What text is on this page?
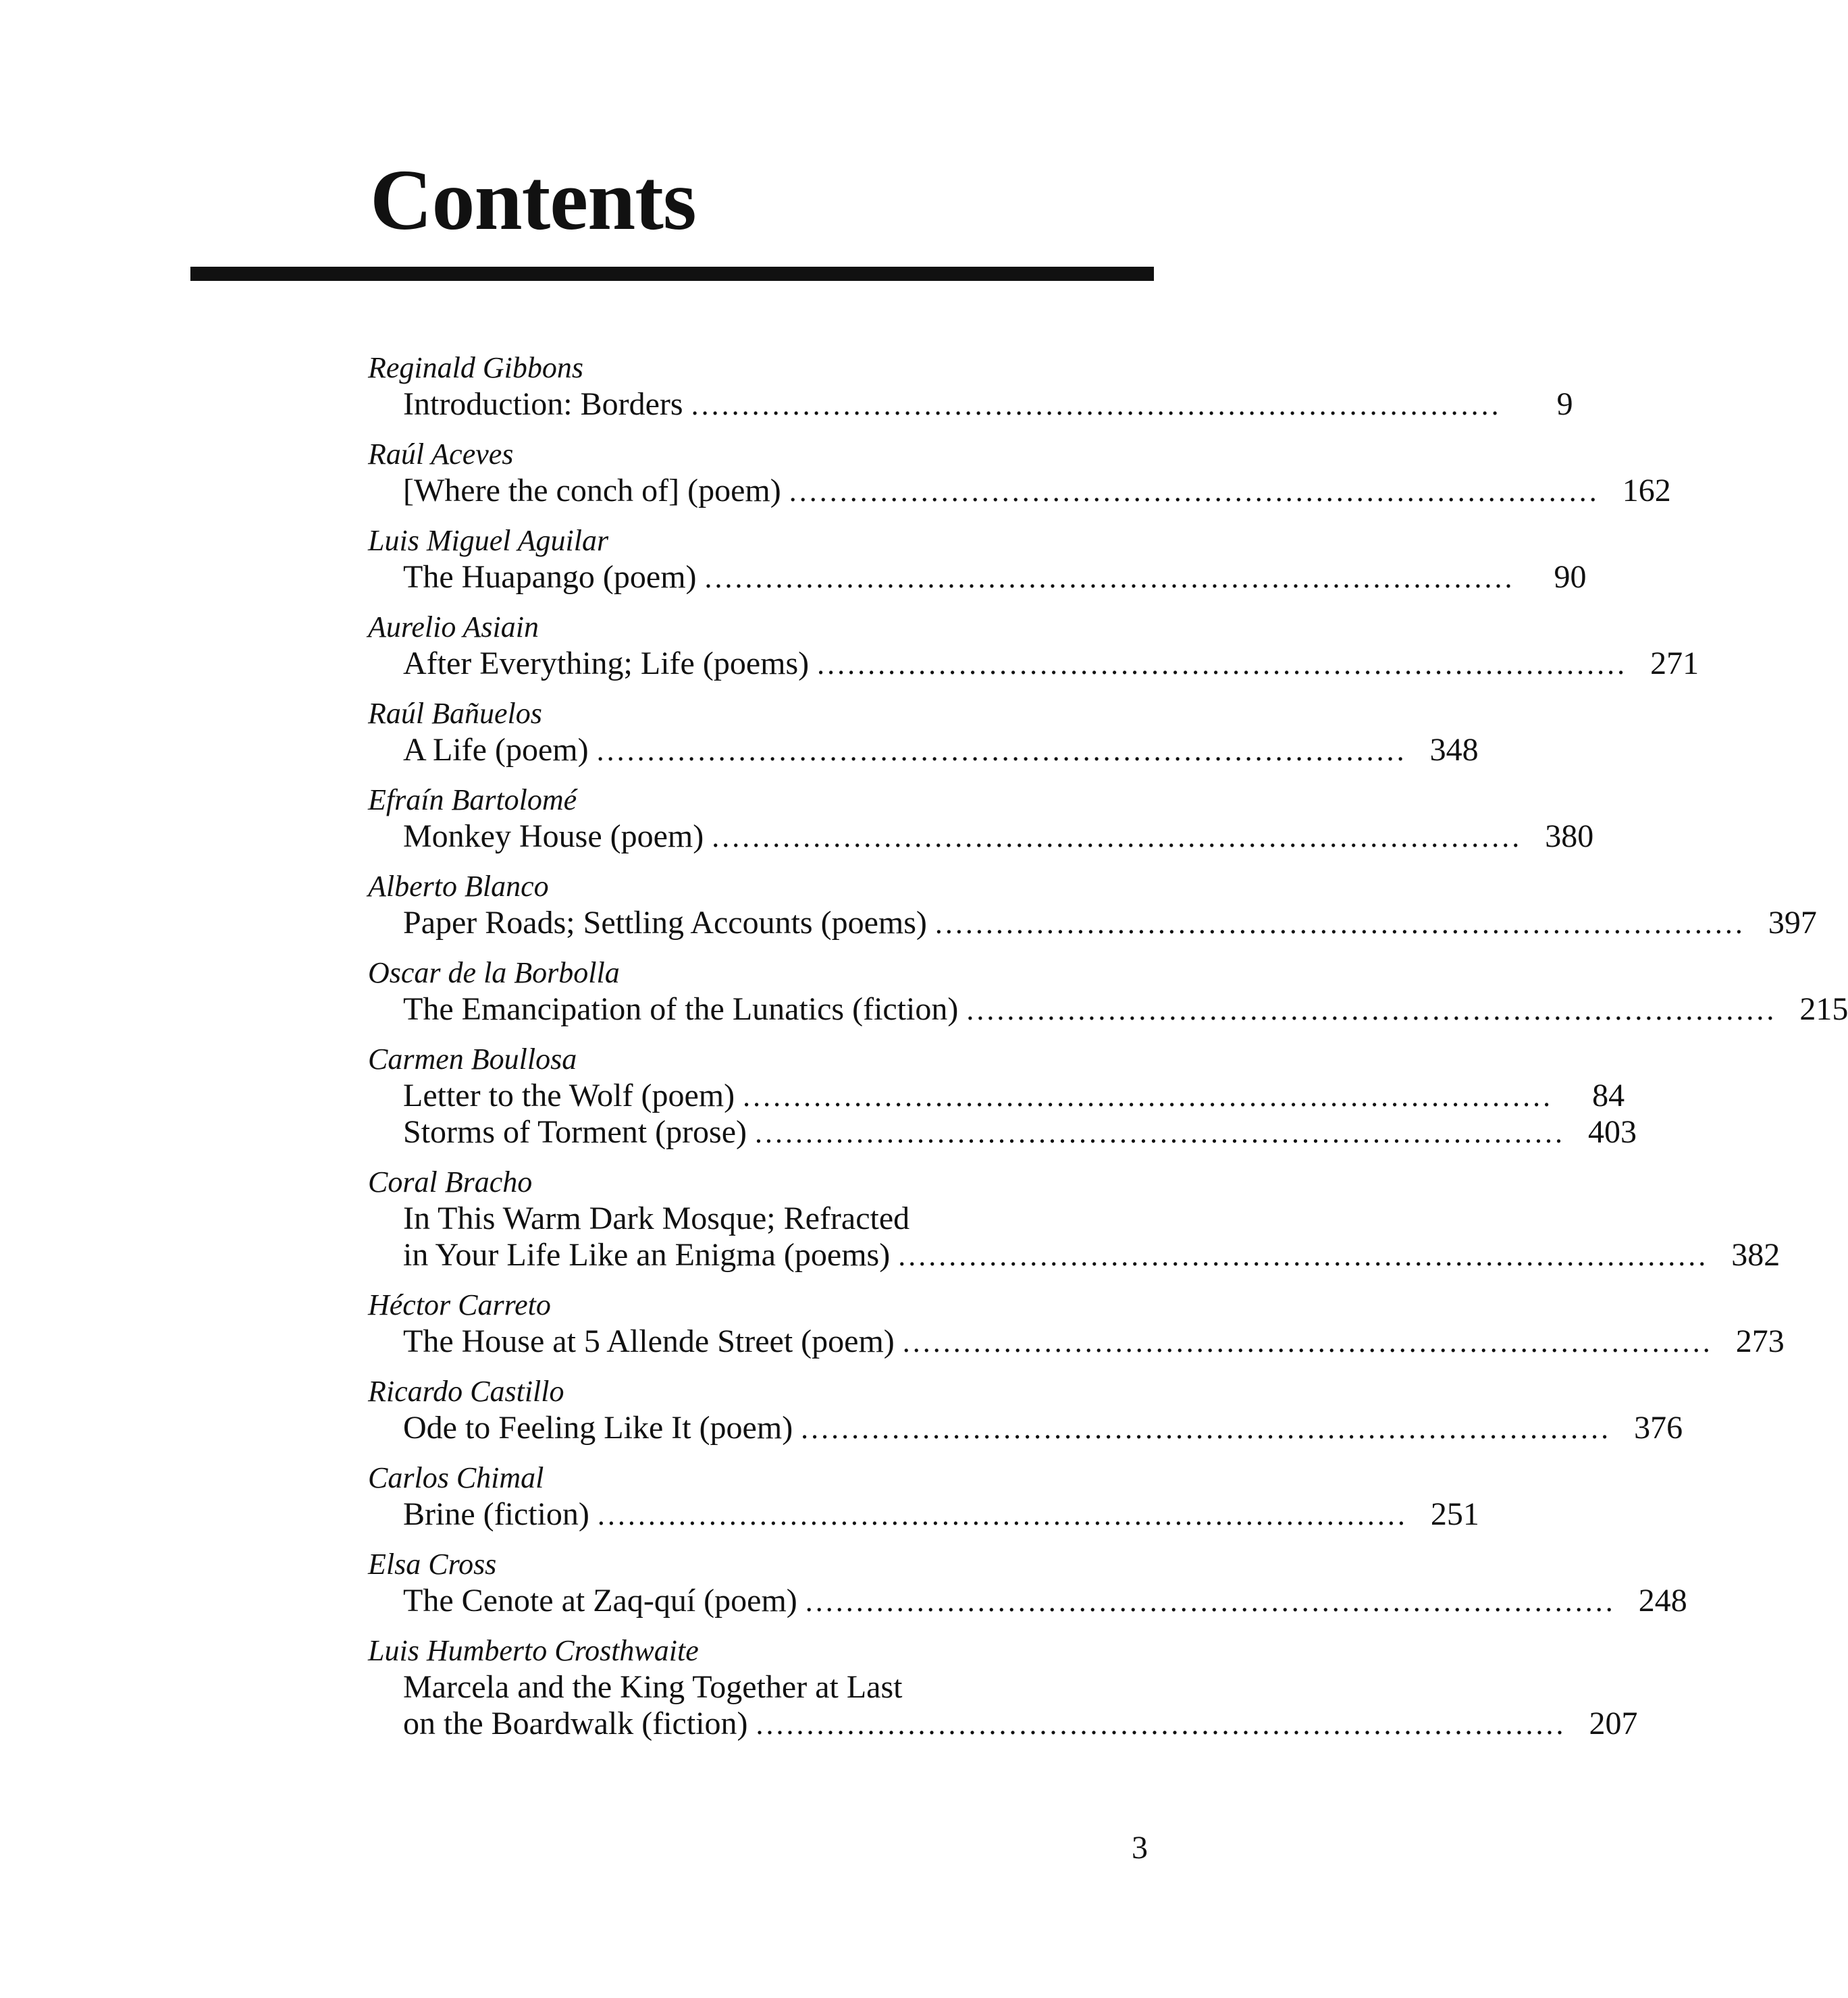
Contents
Reginald Gibbons
Introduction: Borders ................................................................................	9
Raúl Aceves
[Where the conch of] (poem) ................................................................................ 162
Luis Miguel Aguilar
The Huapango (poem) ................................................................................	90
Aurelio Asiain
After Everything; Life (poems) ................................................................................ 271
Raúl Bañuelos
A Life (poem) ................................................................................ 348
Efraín Bartolomé
Monkey House (poem) ................................................................................ 380
Alberto Blanco
Paper Roads; Settling Accounts (poems) ................................................................................ 397
Oscar de la Borbolla
The Emancipation of the Lunatics (fiction) ................................................................................ 215
Carmen Boullosa
Letter to the Wolf (poem) ................................................................................	84
Storms of Torment (prose) ................................................................................ 403
Coral Bracho
In This Warm Dark Mosque; Refracted
in Your Life Like an Enigma (poems) ................................................................................ 382
Héctor Carreto
The House at 5 Allende Street (poem) ................................................................................ 273
Ricardo Castillo
Ode to Feeling Like It (poem) ................................................................................ 376
Carlos Chimal
Brine (fiction) ................................................................................ 251
Elsa Cross
The Cenote at Zaq-quí (poem) ................................................................................ 248
Luis Humberto Crosthwaite
Marcela and the King Together at Last
on the Boardwalk (fiction) ................................................................................ 207
3
